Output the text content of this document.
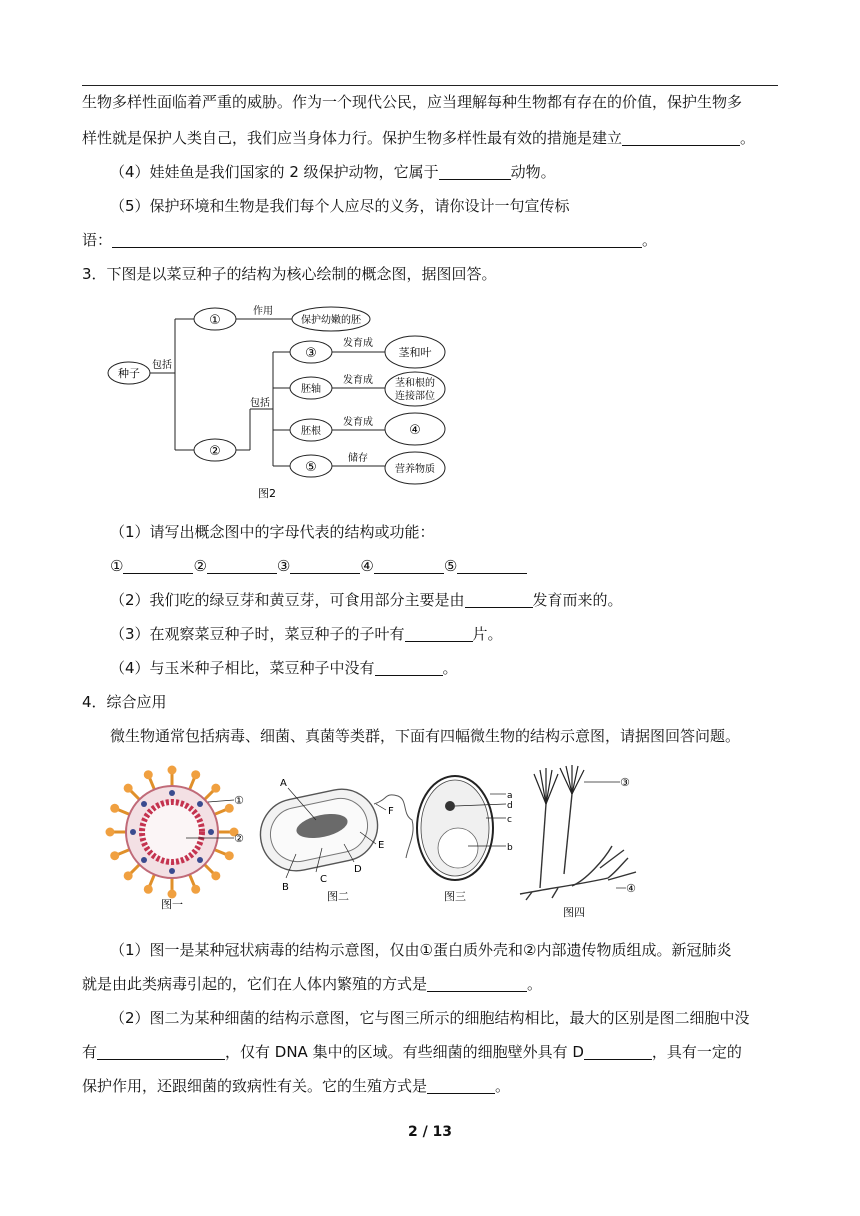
生物多样性面临着严重的威胁。作为一个现代公民，应当理解每种生物都有存在的价值，保护生物多
样性就是保护人类自己，我们应当身体力行。保护生物多样性最有效的措施是建立	。
（4）娃娃鱼是我们国家的 2 级保护动物，它属于	动物。
（5）保护环境和生物是我们每个人应尽的义务，请你设计一句宣传标
语：	。
3．下图是以菜豆种子的结构为核心绘制的概念图，据图回答。
种子
包括
①
②
作用
保护幼嫩的胚
包括
③
胚轴
胚根
⑤
发育成
发育成
发育成
储存
茎和叶
茎和根的
连接部位
④
营养物质
图2
（1）请写出概念图中的字母代表的结构或功能：
①	②	③	④	⑤
（2）我们吃的绿豆芽和黄豆芽，可食用部分主要是由	发育而来的。
（3）在观察菜豆种子时，菜豆种子的子叶有	片。
（4）与玉米种子相比，菜豆种子中没有	。
4．综合应用
微生物通常包括病毒、细菌、真菌等类群，下面有四幅微生物的结构示意图，请据图回答问题。
①
②
图一
A
B
C
D
E
F
图二
a
d
c
b
图三
③
④
图四
（1）图一是某种冠状病毒的结构示意图，仅由①蛋白质外壳和②内部遗传物质组成。新冠肺炎
就是由此类病毒引起的，它们在人体内繁殖的方式是	。
（2）图二为某种细菌的结构示意图，它与图三所示的细胞结构相比，最大的区别是图二细胞中没
有	，仅有 DNA 集中的区域。有些细菌的细胞壁外具有 D	，具有一定的
保护作用，还跟细菌的致病性有关。它的生殖方式是	。
2 / 13
